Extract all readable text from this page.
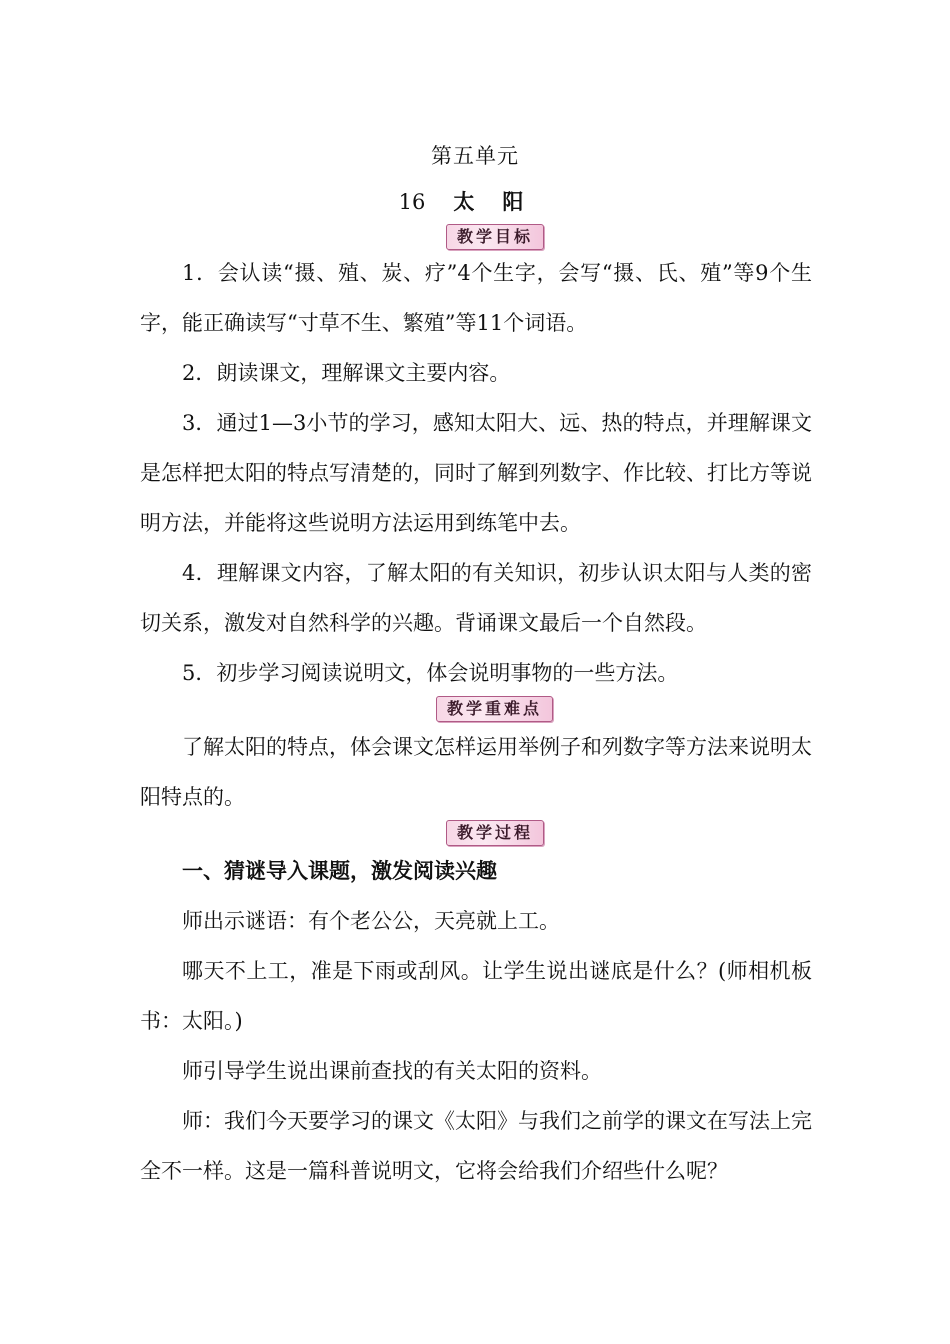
第五单元
16 太阳
教学目标

1．会认读“摄、殖、炭、疗”4个生字，会写“摄、氏、殖”等9个生字，能正确读写“寸草不生、繁殖”等11个词语。

2．朗读课文，理解课文主要内容。

3．通过1—3小节的学习，感知太阳大、远、热的特点，并理解课文是怎样把太阳的特点写清楚的，同时了解到列数字、作比较、打比方等说明方法，并能将这些说明方法运用到练笔中去。

4．理解课文内容，了解太阳的有关知识，初步认识太阳与人类的密切关系，激发对自然科学的兴趣。背诵课文最后一个自然段。

5．初步学习阅读说明文，体会说明事物的一些方法。

教学重难点

了解太阳的特点，体会课文怎样运用举例子和列数字等方法来说明太阳特点的。

教学过程

一、猜谜导入课题，激发阅读兴趣

师出示谜语：有个老公公，天亮就上工。

哪天不上工，准是下雨或刮风。让学生说出谜底是什么？(师相机板书：太阳。)

师引导学生说出课前查找的有关太阳的资料。

师：我们今天要学习的课文《太阳》与我们之前学的课文在写法上完全不一样。这是一篇科普说明文，它将会给我们介绍些什么呢？
